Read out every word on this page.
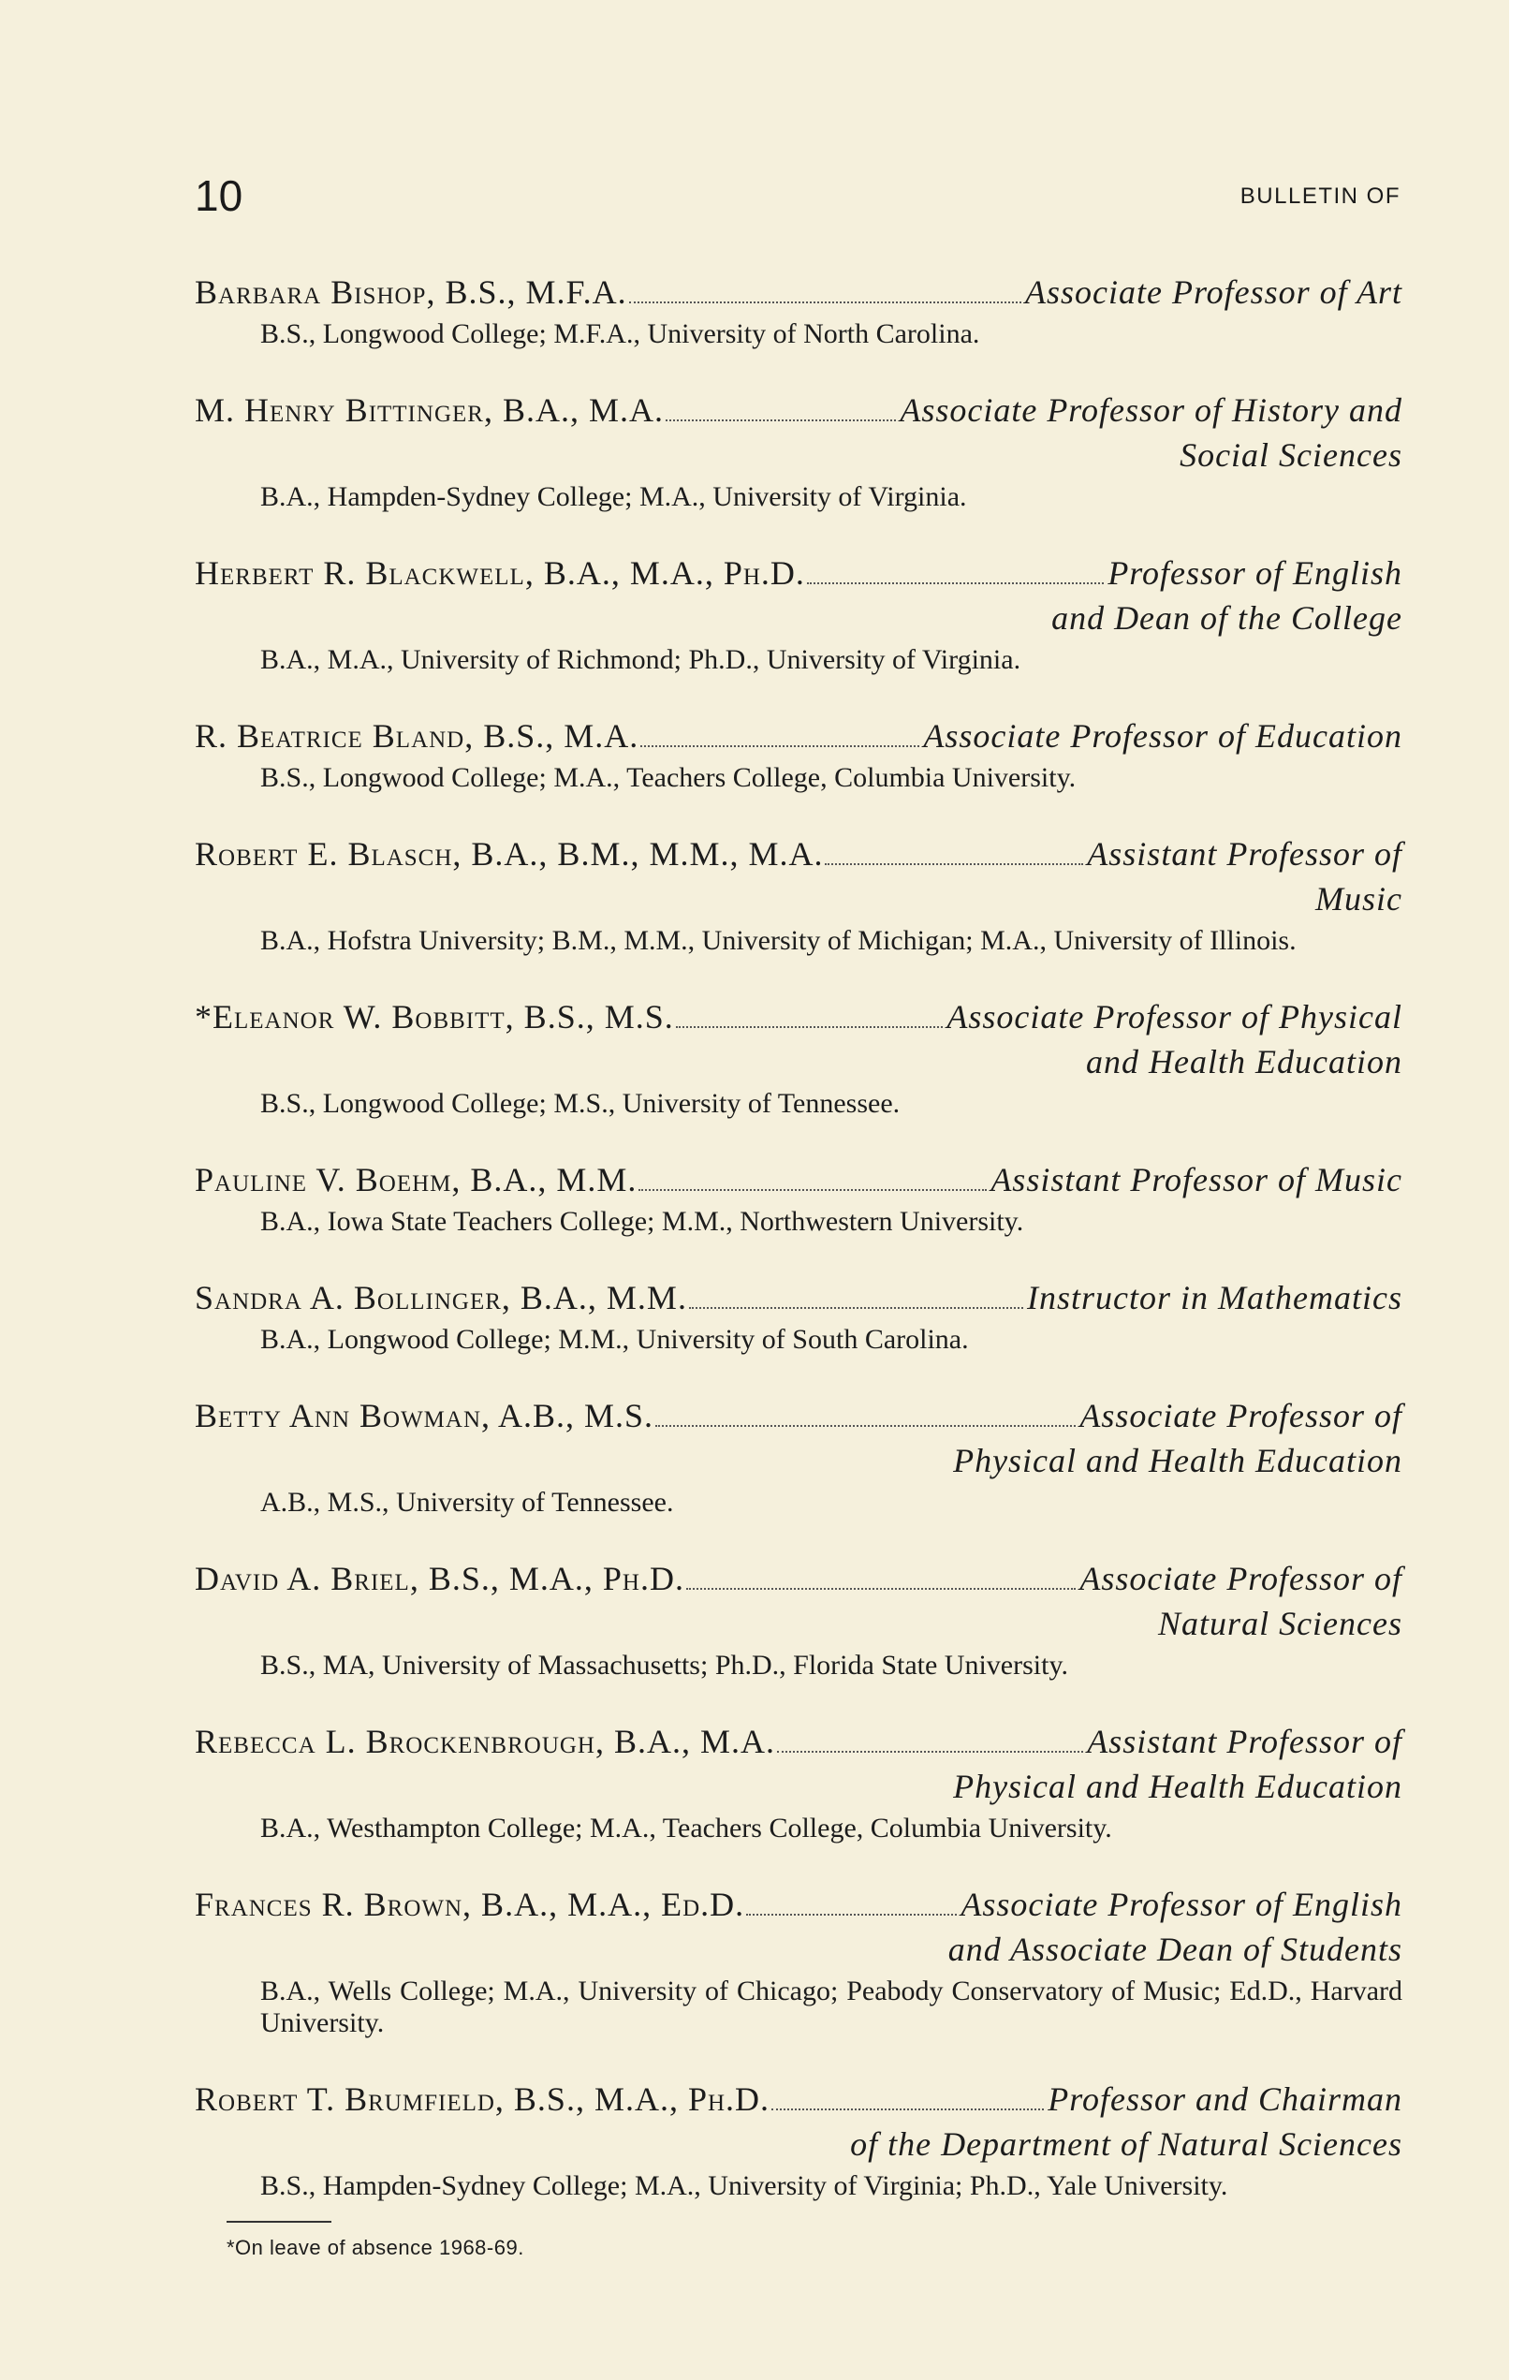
10	BULLETIN OF
Barbara Bishop, B.S., M.F.A.	Associate Professor of Art
B.S., Longwood College; M.F.A., University of North Carolina.
M. Henry Bittinger, B.A., M.A.	Associate Professor of History and
Social Sciences
B.A., Hampden-Sydney College; M.A., University of Virginia.
Herbert R. Blackwell, B.A., M.A., Ph.D.	Professor of English
and Dean of the College
B.A., M.A., University of Richmond; Ph.D., University of Virginia.
R. Beatrice Bland, B.S., M.A.	Associate Professor of Education
B.S., Longwood College; M.A., Teachers College, Columbia University.
Robert E. Blasch, B.A., B.M., M.M., M.A.	Assistant Professor of
Music
B.A., Hofstra University; B.M., M.M., University of Michigan; M.A., University of Illinois.
*Eleanor W. Bobbitt, B.S., M.S.	Associate Professor of Physical
and Health Education
B.S., Longwood College; M.S., University of Tennessee.
Pauline V. Boehm, B.A., M.M.	Assistant Professor of Music
B.A., Iowa State Teachers College; M.M., Northwestern University.
Sandra A. Bollinger, B.A., M.M.	Instructor in Mathematics
B.A., Longwood College; M.M., University of South Carolina.
Betty Ann Bowman, A.B., M.S.	Associate Professor of
Physical and Health Education
A.B., M.S., University of Tennessee.
David A. Briel, B.S., M.A., Ph.D.	Associate Professor of
Natural Sciences
B.S., MA, University of Massachusetts; Ph.D., Florida State University.
Rebecca L. Brockenbrough, B.A., M.A.	Assistant Professor of
Physical and Health Education
B.A., Westhampton College; M.A., Teachers College, Columbia University.
Frances R. Brown, B.A., M.A., Ed.D.	Associate Professor of English
and Associate Dean of Students
B.A., Wells College; M.A., University of Chicago; Peabody Conservatory of Music; Ed.D., Harvard University.
Robert T. Brumfield, B.S., M.A., Ph.D.	Professor and Chairman
of the Department of Natural Sciences
B.S., Hampden-Sydney College; M.A., University of Virginia; Ph.D., Yale University.
*On leave of absence 1968-69.
